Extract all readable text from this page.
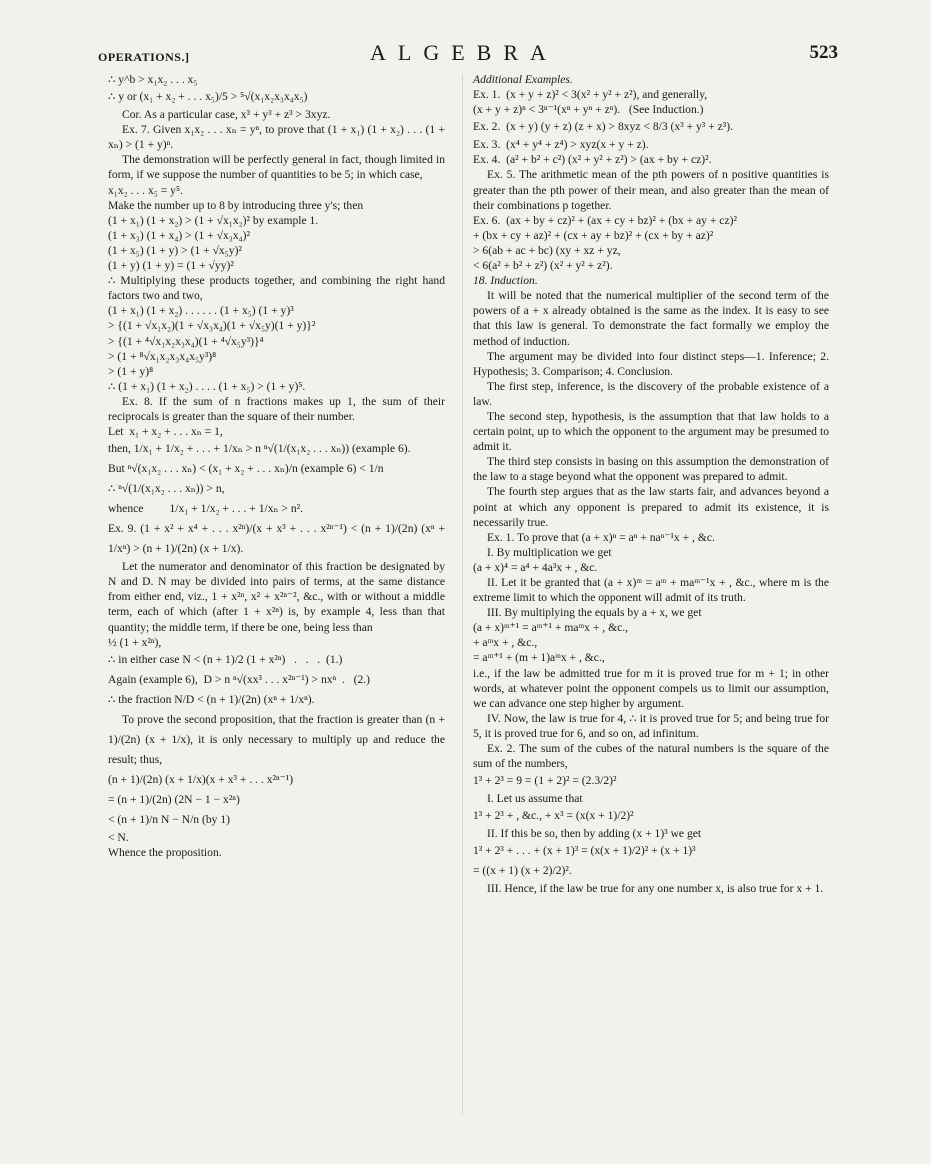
OPERATIONS.]	ALGEBRA	523

∴ y^b > x₁x₂ . . . x₅

∴ y or (x₁ + x₂ + . . . x₅)/5 > ⁵√(x₁x₂x₃x₄x₅)

Cor. As a particular case, x³ + y³ + z³ > 3xyz.

Ex. 7. Given x₁x₂ . . . xₙ = yⁿ, to prove that (1 + x₁) (1 + x₂) . . . (1 + xₙ) > (1 + y)ⁿ.

The demonstration will be perfectly general in fact, though limited in form, if we suppose the number of quantities to be 5; in which case,

x₁x₂ . . . x₅ = y⁵.

Make the number up to 8 by introducing three y's; then

(1 + x₁) (1 + x₂) > (1 + √x₁x₂)² by example 1.

(1 + x₃) (1 + x₄) > (1 + √x₃x₄)²

(1 + x₅) (1 + y) > (1 + √x₅y)²

(1 + y) (1 + y) = (1 + √yy)²

∴ Multiplying these products together, and combining the right hand factors two and two,

(1 + x₁) (1 + x₂) . . . . . . (1 + x₅) (1 + y)³

> {(1 + √x₁x₂)(1 + √x₃x₄)(1 + √x₅y)(1 + y)}²

> {(1 + ⁴√x₁x₂x₃x₄)(1 + ⁴√x₅y³)}⁴

> (1 + ⁸√x₁x₂x₃x₄x₅y³)⁸

> (1 + y)⁸

∴ (1 + x₁) (1 + x₂) . . . . (1 + x₅) > (1 + y)⁵.

Ex. 8. If the sum of n fractions makes up 1, the sum of their reciprocals is greater than the square of their number.

Let  x₁ + x₂ + . . . xₙ = 1,

then, 1/x₁ + 1/x₂ + . . . + 1/xₙ > n ⁿ√(1/(x₁x₂ . . . xₙ)) (example 6).

But ⁿ√(x₁x₂ . . . xₙ) < (x₁ + x₂ + . . . xₙ)/n (example 6) < 1/n

∴ ⁿ√(1/(x₁x₂ . . . xₙ)) > n,

whence         1/x₁ + 1/x₂ + . . . + 1/xₙ > n².

Ex. 9. (1 + x² + x⁴ + . . . x²ⁿ)/(x + x³ + . . . x²ⁿ⁻¹) < (n + 1)/(2n) (xⁿ + 1/xⁿ) > (n + 1)/(2n) (x + 1/x).

Let the numerator and denominator of this fraction be designated by N and D. N may be divided into pairs of terms, at the same distance from either end, viz., 1 + x²ⁿ, x² + x²ⁿ⁻², &c., with or without a middle term, each of which (after 1 + x²ⁿ) is, by example 4, less than that quantity; the middle term, if there be one, being less than

½ (1 + x²ⁿ),

∴ in either case N < (n + 1)/2 (1 + x²ⁿ)   .   .   .  (1.)

Again (example 6),  D > n ⁿ√(xx³ . . . x²ⁿ⁻¹) > nxⁿ  .   (2.)

∴ the fraction N/D < (n + 1)/(2n) (xⁿ + 1/xⁿ).

To prove the second proposition, that the fraction is greater than (n + 1)/(2n) (x + 1/x), it is only necessary to multiply up and reduce the result; thus,

(n + 1)/(2n) (x + 1/x)(x + x³ + . . . x²ⁿ⁻¹)

= (n + 1)/(2n) (2N − 1 − x²ⁿ)

< (n + 1)/n N − N/n (by 1)

< N.

Whence the proposition.

Additional Examples.

Ex. 1.  (x + y + z)² < 3(x² + y² + z²), and generally,

(x + y + z)ⁿ < 3ⁿ⁻¹(xⁿ + yⁿ + zⁿ).   (See Induction.)

Ex. 2.  (x + y) (y + z) (z + x) > 8xyz < 8/3 (x³ + y³ + z³).

Ex. 3.  (x⁴ + y⁴ + z⁴) > xyz(x + y + z).

Ex. 4.  (a² + b² + c²) (x² + y² + z²) > (ax + by + cz)².

Ex. 5. The arithmetic mean of the pth powers of n positive quantities is greater than the pth power of their mean, and also greater than the mean of their combinations p together.

Ex. 6.  (ax + by + cz)² + (ax + cy + bz)² + (bx + ay + cz)²

+ (bx + cy + az)² + (cx + ay + bz)² + (cx + by + az)²

> 6(ab + ac + bc) (xy + xz + yz,

< 6(a² + b² + z²) (x² + y² + z²).

18. Induction.

It will be noted that the numerical multiplier of the second term of the powers of a + x already obtained is the same as the index. It is easy to see that this law is general. To demonstrate the fact formally we employ the method of induction.

The argument may be divided into four distinct steps—1. Inference; 2. Hypothesis; 3. Comparison; 4. Conclusion.

The first step, inference, is the discovery of the probable existence of a law.

The second step, hypothesis, is the assumption that that law holds to a certain point, up to which the opponent to the argument may be presumed to admit it.

The third step consists in basing on this assumption the demonstration of the law to a stage beyond what the opponent was prepared to admit.

The fourth step argues that as the law starts fair, and advances beyond a point at which any opponent is prepared to admit its existence, it is necessarily true.

Ex. 1. To prove that (a + x)ⁿ = aⁿ + naⁿ⁻¹x + , &c.

I. By multiplication we get

(a + x)⁴ = a⁴ + 4a³x + , &c.

II. Let it be granted that (a + x)ᵐ = aᵐ + maᵐ⁻¹x + , &c., where m is the extreme limit to which the opponent will admit of its truth.

III. By multiplying the equals by a + x, we get

(a + x)ᵐ⁺¹ = aᵐ⁺¹ + maᵐx + , &c.,

+ aᵐx + , &c.,

= aᵐ⁺¹ + (m + 1)aᵐx + , &c.,

i.e., if the law be admitted true for m it is proved true for m + 1; in other words, at whatever point the opponent compels us to limit our assumption, we can advance one step higher by argument.

IV. Now, the law is true for 4, ∴ it is proved true for 5; and being true for 5, it is proved true for 6, and so on, ad infinitum.

Ex. 2. The sum of the cubes of the natural numbers is the square of the sum of the numbers,

1³ + 2³ = 9 = (1 + 2)² = (2.3/2)²

I. Let us assume that

1³ + 2³ + , &c., + x³ = (x(x + 1)/2)²

II. If this be so, then by adding (x + 1)³ we get

1³ + 2³ + . . . + (x + 1)³ = (x(x + 1)/2)² + (x + 1)³

= ((x + 1) (x + 2)/2)².

III. Hence, if the law be true for any one number x, is also true for x + 1.
